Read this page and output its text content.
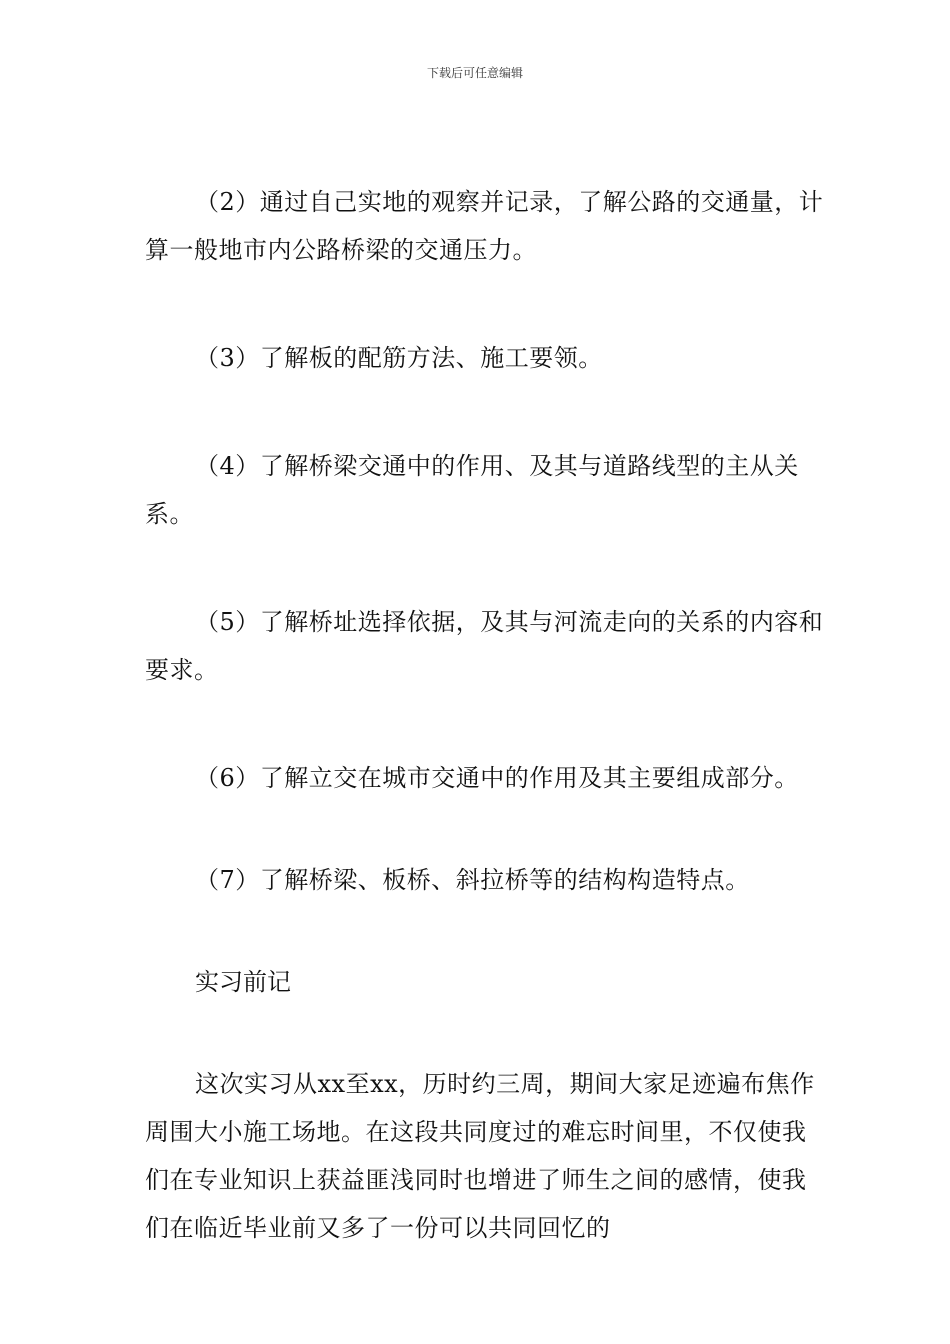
下载后可任意编辑

（2）通过自己实地的观察并记录，了解公路的交通量，计算一般地市内公路桥梁的交通压力。

（3）了解板的配筋方法、施工要领。

（4）了解桥梁交通中的作用、及其与道路线型的主从关系。

（5）了解桥址选择依据，及其与河流走向的关系的内容和要求。

（6）了解立交在城市交通中的作用及其主要组成部分。

（7）了解桥梁、板桥、斜拉桥等的结构构造特点。

实习前记

这次实习从xx至xx，历时约三周，期间大家足迹遍布焦作周围大小施工场地。在这段共同度过的难忘时间里，不仅使我们在专业知识上获益匪浅同时也增进了师生之间的感情，使我们在临近毕业前又多了一份可以共同回忆的
